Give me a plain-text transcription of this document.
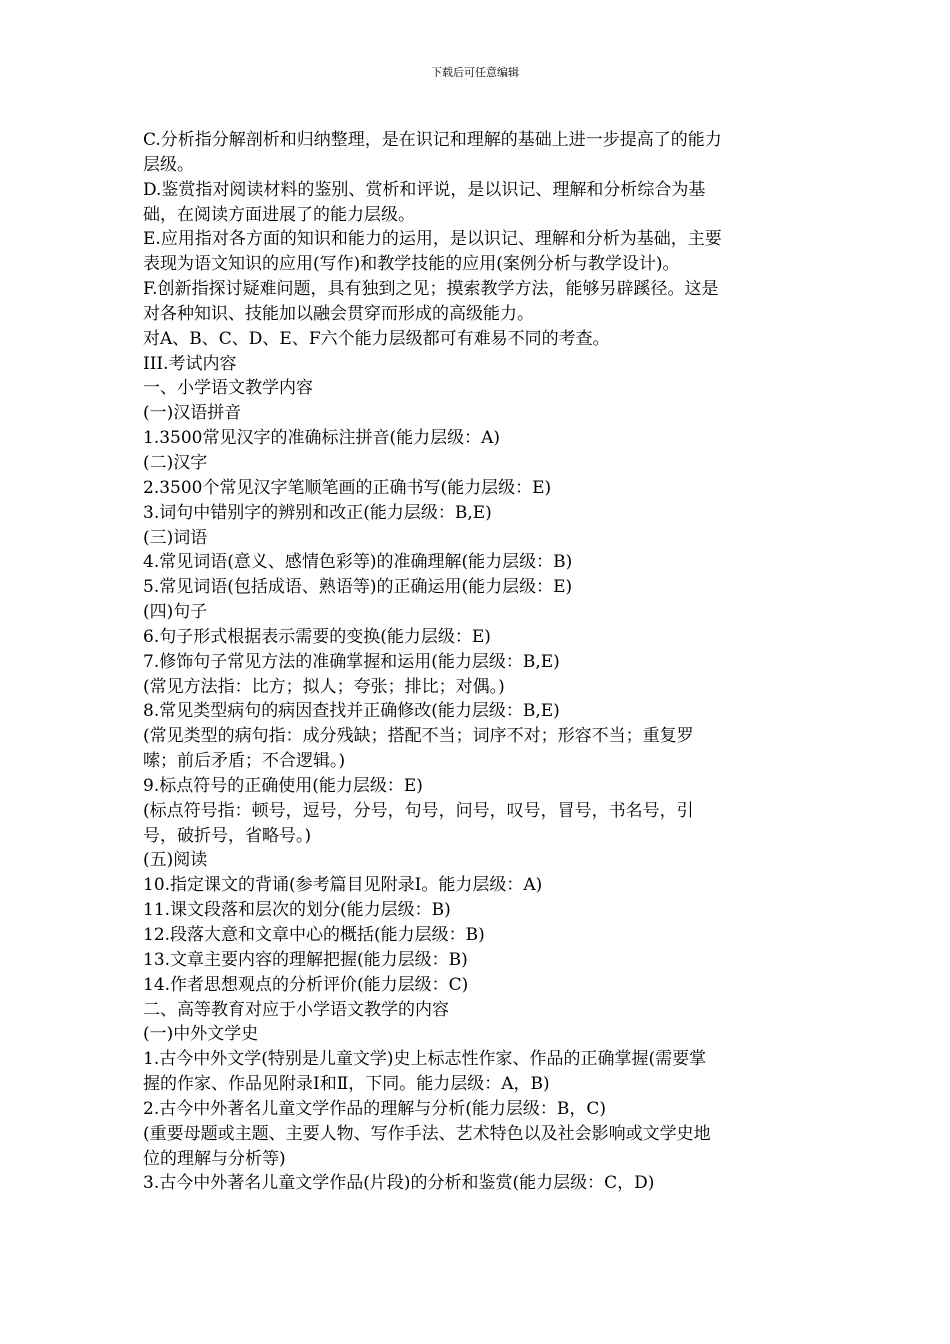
下载后可任意编辑
C.分析指分解剖析和归纳整理，是在识记和理解的基础上进一步提高了的能力
层级。
D.鉴赏指对阅读材料的鉴别、赏析和评说，是以识记、理解和分析综合为基
础，在阅读方面进展了的能力层级。
E.应用指对各方面的知识和能力的运用，是以识记、理解和分析为基础，主要
表现为语文知识的应用(写作)和教学技能的应用(案例分析与教学设计)。
F.创新指探讨疑难问题，具有独到之见；摸索教学方法，能够另辟蹊径。这是
对各种知识、技能加以融会贯穿而形成的高级能力。
对A、B、C、D、E、F六个能力层级都可有难易不同的考查。
III.考试内容
一、小学语文教学内容
(一)汉语拼音
1.3500常见汉字的准确标注拼音(能力层级：A)
(二)汉字
2.3500个常见汉字笔顺笔画的正确书写(能力层级：E)
3.词句中错别字的辨别和改正(能力层级：B,E)
(三)词语
4.常见词语(意义、感情色彩等)的准确理解(能力层级：B)
5.常见词语(包括成语、熟语等)的正确运用(能力层级：E)
(四)句子
6.句子形式根据表示需要的变换(能力层级：E)
7.修饰句子常见方法的准确掌握和运用(能力层级：B,E)
(常见方法指：比方；拟人；夸张；排比；对偶。)
8.常见类型病句的病因查找并正确修改(能力层级：B,E)
(常见类型的病句指：成分残缺；搭配不当；词序不对；形容不当；重复罗
嗦；前后矛盾；不合逻辑。)
9.标点符号的正确使用(能力层级：E)
(标点符号指：顿号，逗号，分号，句号，问号，叹号，冒号，书名号，引
号，破折号，省略号。)
(五)阅读
10.指定课文的背诵(参考篇目见附录Ⅰ。能力层级：A)
11.课文段落和层次的划分(能力层级：B)
12.段落大意和文章中心的概括(能力层级：B)
13.文章主要内容的理解把握(能力层级：B)
14.作者思想观点的分析评价(能力层级：C)
二、高等教育对应于小学语文教学的内容
(一)中外文学史
1.古今中外文学(特别是儿童文学)史上标志性作家、作品的正确掌握(需要掌
握的作家、作品见附录Ⅰ和Ⅱ，下同。能力层级：A，B)
2.古今中外著名儿童文学作品的理解与分析(能力层级：B，C)
(重要母题或主题、主要人物、写作手法、艺术特色以及社会影响或文学史地
位的理解与分析等)
3.古今中外著名儿童文学作品(片段)的分析和鉴赏(能力层级：C，D)
